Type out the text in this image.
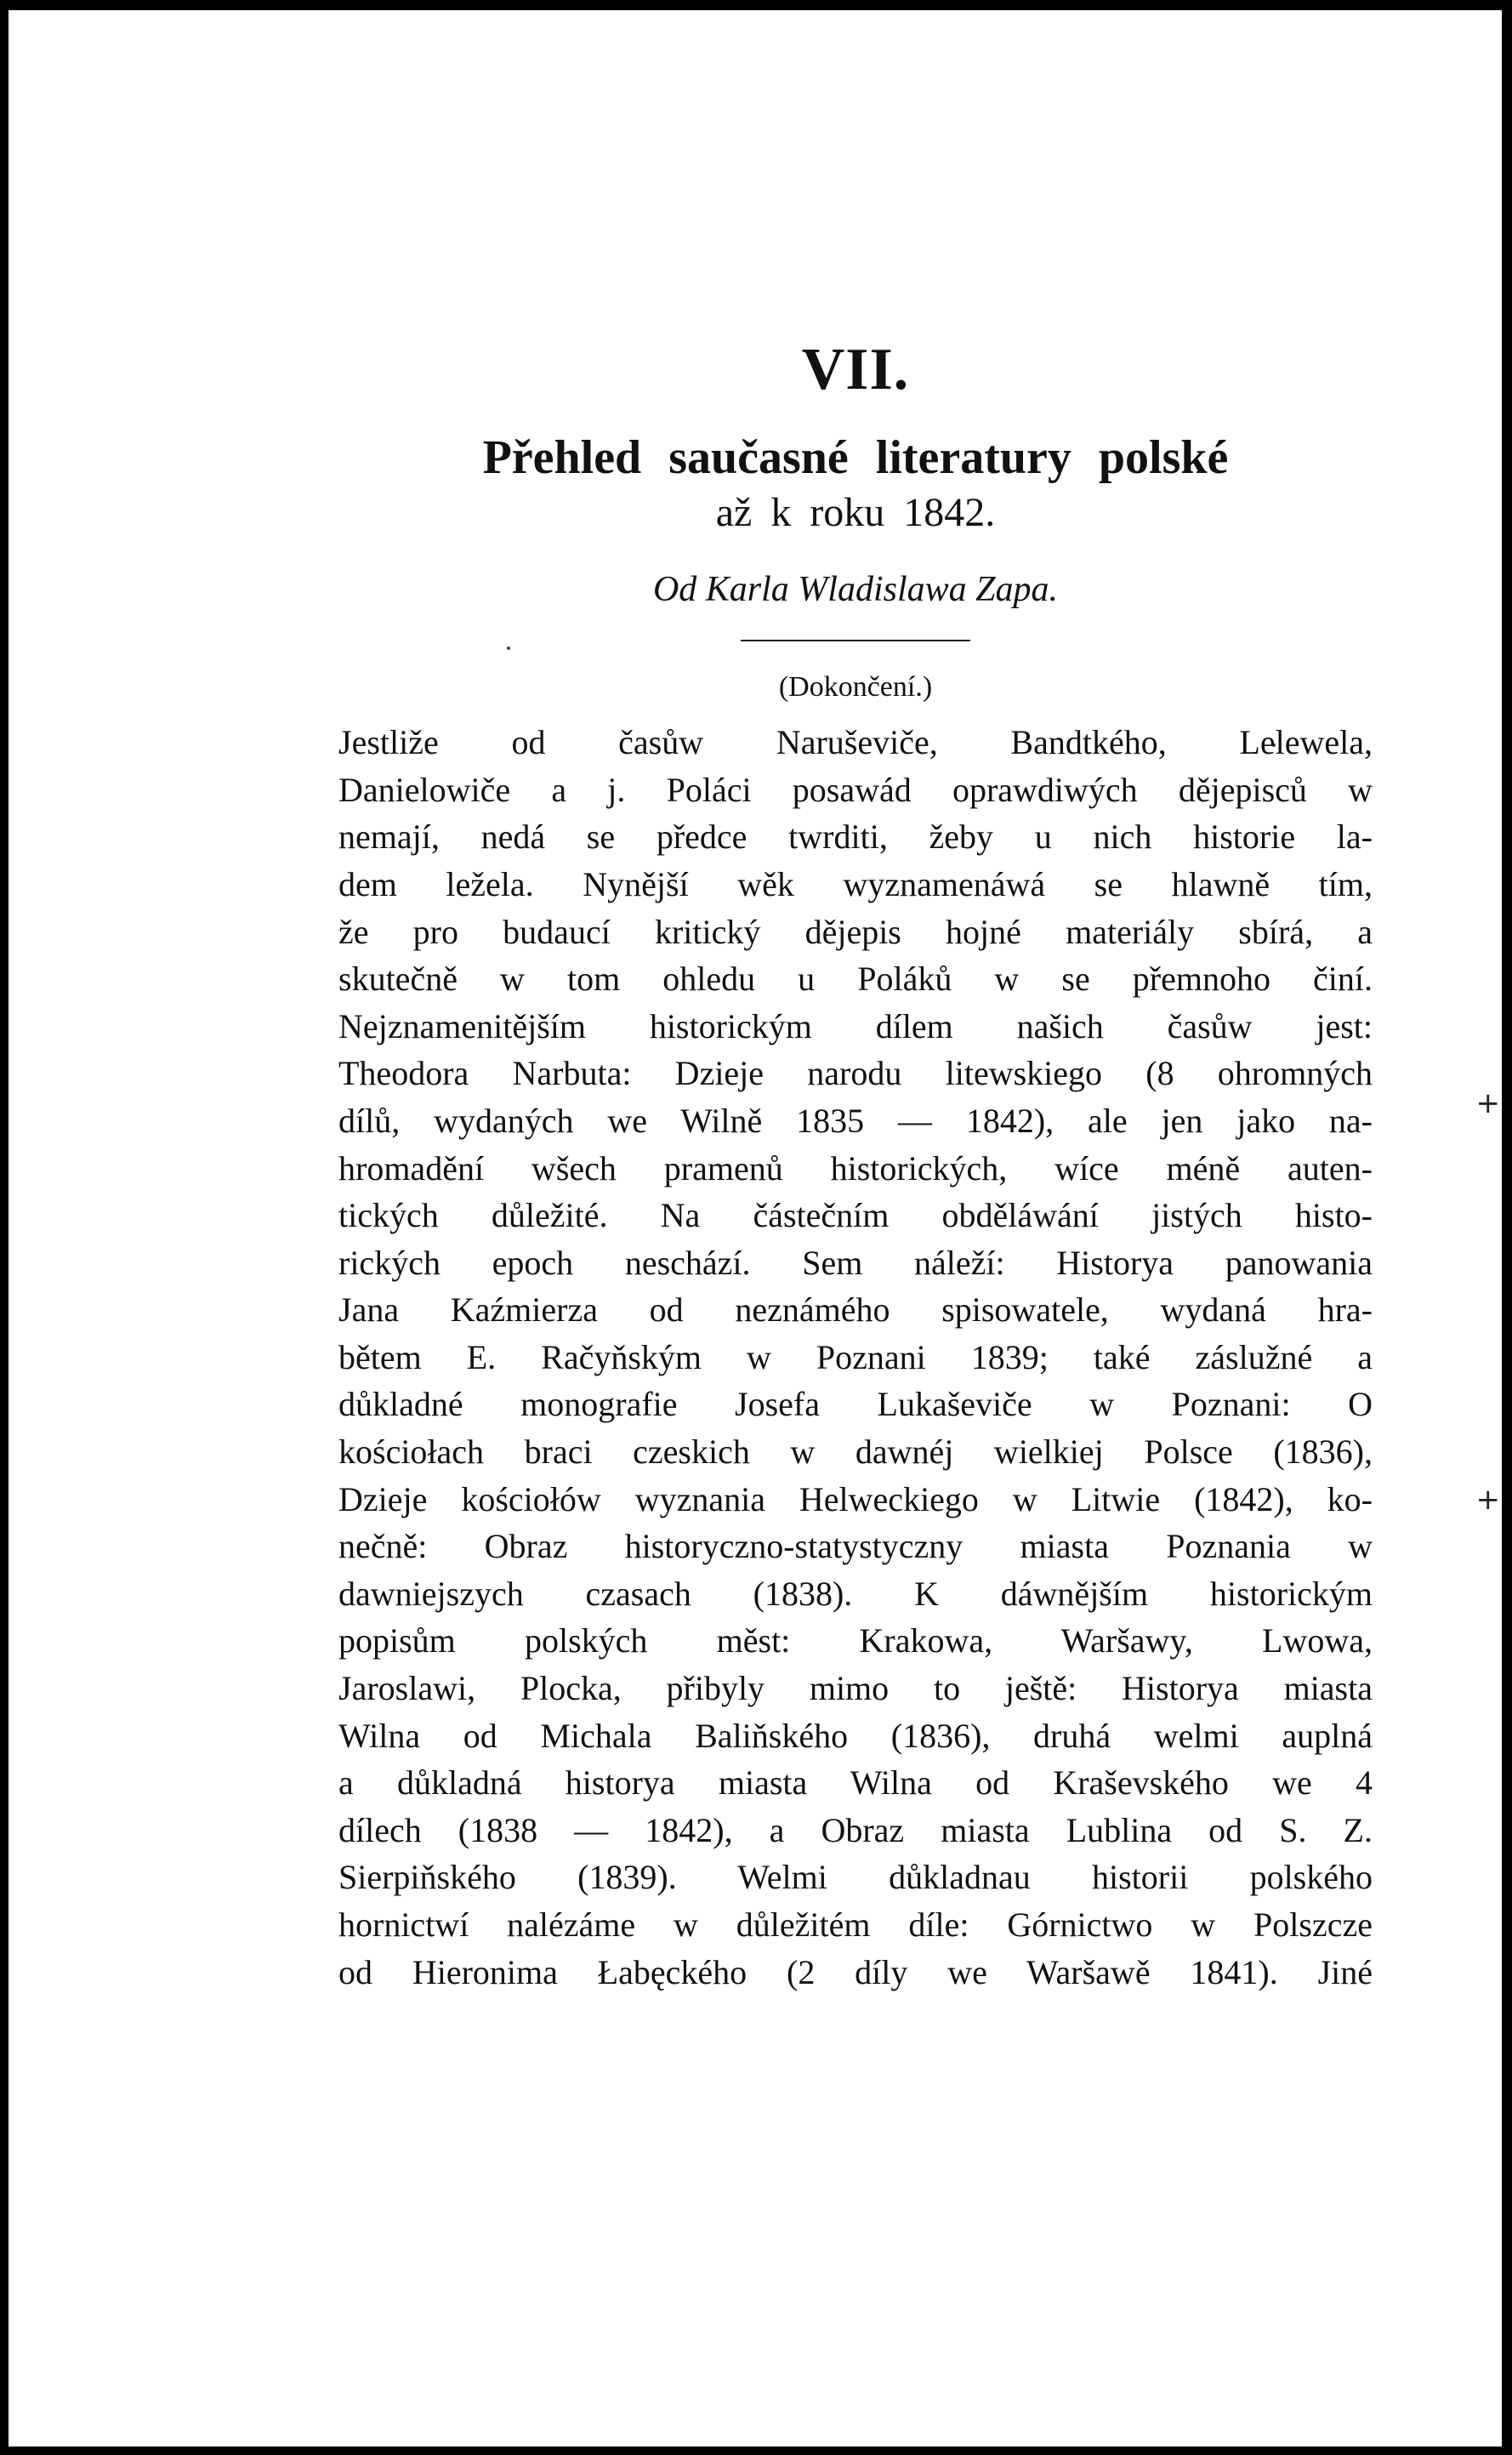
+
+
VII.
Přehled saučasné literatury polské
až k roku 1842.
Od Karla Wladislawa Zapa.
(Dokončení.)
Jestliže od časůw Naruševiče, Bandtkého, Lelewela,
Danielowiče a j. Poláci posawád oprawdiwých dějepisců w
nemají, nedá se předce twrditi, žeby u nich historie la-
dem ležela. Nynější wěk wyznamenáwá se hlawně tím,
že pro budaucí kritický dějepis hojné materiály sbírá, a
skutečně w tom ohledu u Poláků w se přemnoho činí.
Nejznamenitějším historickým dílem našich časůw jest:
Theodora Narbuta: Dzieje narodu litewskiego (8 ohromných
dílů, wydaných we Wilně 1835 — 1842), ale jen jako na-
hromadění wšech pramenů historických, wíce méně auten-
tických důležité. Na částečním obděláwání jistých histo-
rických epoch neschází. Sem náleží: Historya panowania
Jana Kaźmierza od neznámého spisowatele, wydaná hra-
bětem E. Račyňským w Poznani 1839; také záslužné a
důkladné monografie Josefa Lukaševiče w Poznani: O
kościołach braci czeskich w dawnéj wielkiej Polsce (1836),
Dzieje kościołów wyznania Helweckiego w Litwie (1842), ko-
nečně: Obraz historyczno-statystyczny miasta Poznania w
dawniejszych czasach (1838). K dáwnějším historickým
popisům polských měst: Krakowa, Waršawy, Lwowa,
Jaroslawi, Plocka, přibyly mimo to ještě: Historya miasta
Wilna od Michala Baliňského (1836), druhá welmi auplná
a důkladná historya miasta Wilna od Kraševského we 4
dílech (1838 — 1842), a Obraz miasta Lublina od S. Z.
Sierpiňského (1839). Welmi důkladnau historii polského
hornictwí nalézáme w důležitém díle: Górnictwo w Polszcze
od Hieronima Łabęckého (2 díly we Waršawě 1841). Jiné
